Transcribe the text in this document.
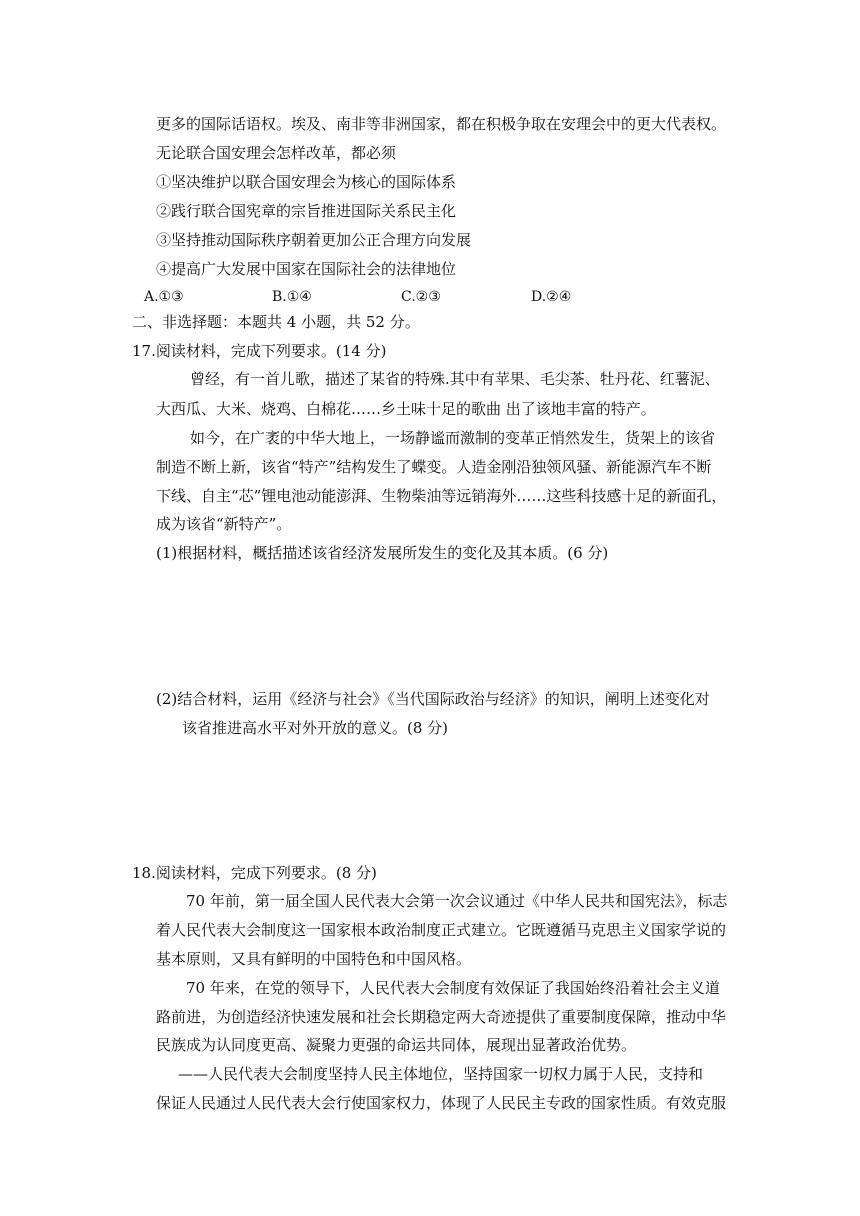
更多的国际话语权。埃及、南非等非洲国家，都在积极争取在安理会中的更大代表权。
无论联合国安理会怎样改革，都必须
①坚决维护以联合国安理会为核心的国际体系
②践行联合国宪章的宗旨推进国际关系民主化
③坚持推动国际秩序朝着更加公正合理方向发展
④提高广大发展中国家在国际社会的法律地位
A.①③	B.①④	C.②③	D.②④
二、非选择题：本题共 4 小题，共 52 分。
17.阅读材料，完成下列要求。(14 分)
曾经，有一首儿歌，描述了某省的特殊.其中有苹果、毛尖茶、牡丹花、红薯泥、
大西瓜、大米、烧鸡、白棉花……乡土味十足的歌曲 出了该地丰富的特产。
如今，在广袤的中华大地上，一场静谧而激制的变革正悄然发生，货架上的该省
制造不断上新，该省“特产”结构发生了蝶变。人造金刚沿独领风骚、新能源汽车不断
下线、自主“芯”锂电池动能澎湃、生物柴油等远销海外……这些科技感十足的新面孔，
成为该省“新特产”。
(1)根据材料，概括描述该省经济发展所发生的变化及其本质。(6 分)
(2)结合材料，运用《经济与社会》《当代国际政治与经济》的知识，阐明上述变化对
该省推进高水平对外开放的意义。(8 分)
18.阅读材料，完成下列要求。(8 分)
70 年前，第一届全国人民代表大会第一次会议通过《中华人民共和国宪法》，标志
着人民代表大会制度这一国家根本政治制度正式建立。它既遵循马克思主义国家学说的
基本原则，又具有鲜明的中国特色和中国风格。
70 年来，在党的领导下，人民代表大会制度有效保证了我国始终沿着社会主义道
路前进，为创造经济快速发展和社会长期稳定两大奇迹提供了重要制度保障，推动中华
民族成为认同度更高、凝聚力更强的命运共同体，展现出显著政治优势。
——人民代表大会制度坚持人民主体地位，坚持国家一切权力属于人民，支持和
保证人民通过人民代表大会行使国家权力，体现了人民民主专政的国家性质。有效克服
